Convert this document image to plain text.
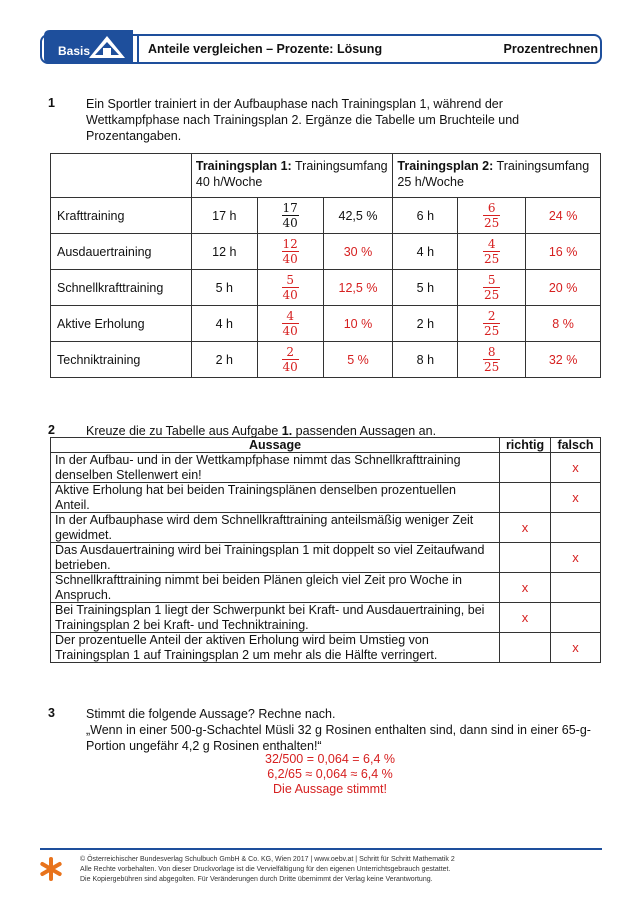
Basis	Anteile vergleichen – Prozente: Lösung	Prozentrechnen
1 Ein Sportler trainiert in der Aufbauphase nach Trainingsplan 1, während der
Wettkampfphase nach Trainingsplan 2. Ergänze die Tabelle um Bruchteile und
Prozentangaben.
	Trainingsplan 1: Trainingsumfang
40 h/Woche			Trainingsplan 2: Trainingsumfang
25 h/Woche		
Krafttraining	17 h	$\frac{17}{40}$	42,5 %	6 h	$\frac{6}{25}$	24 %
Ausdauertraining	12 h	$\frac{12}{40}$	30 %	4 h	$\frac{4}{25}$	16 %
Schnellkrafttraining	5 h	$\frac{5}{40}$	12,5 %	5 h	$\frac{5}{25}$	20 %
Aktive Erholung	4 h	$\frac{4}{40}$	10 %	2 h	$\frac{2}{25}$	8 %
Techniktraining	2 h	$\frac{2}{40}$	5 %	8 h	$\frac{8}{25}$	32 %
2 Kreuze die zu Tabelle aus Aufgabe 1. passenden Aussagen an.
Aussage	richtig	falsch

In der Aufbau- und in der Wettkampfphase nimmt das Schnellkrafttraining
denselben Stellenwert ein!		x

Aktive Erholung hat bei beiden Trainingsplänen denselben prozentuellen
Anteil.		x

In der Aufbauphase wird dem Schnellkrafttraining anteilsmäßig weniger Zeit
gewidmet.	x	

Das Ausdauertraining wird bei Trainingsplan 1 mit doppelt so viel Zeitaufwand
betrieben.		x

Schnellkrafttraining nimmt bei beiden Plänen gleich viel Zeit pro Woche in
Anspruch.	x	

Bei Trainingsplan 1 liegt der Schwerpunkt bei Kraft- und Ausdauertraining, bei
Trainingsplan 2 bei Kraft- und Techniktraining.	x	

Der prozentuelle Anteil der aktiven Erholung wird beim Umstieg von
Trainingsplan 1 auf Trainingsplan 2 um mehr als die Hälfte verringert.		x
3 Stimmt die folgende Aussage? Rechne nach.
„Wenn in einer 500-g-Schachtel Müsli 32 g Rosinen enthalten sind, dann sind in einer 65-g-
Portion ungefähr 4,2 g Rosinen enthalten!“
32/500 = 0,064 = 6,4 %
6,2/65 ≈ 0,064 ≈ 6,4 %
Die Aussage stimmt!
© Österreichischer Bundesverlag Schulbuch GmbH & Co. KG, Wien 2017 | www.oebv.at | Schritt für Schritt Mathematik 2
Alle Rechte vorbehalten. Von dieser Druckvorlage ist die Vervielfältigung für den eigenen Unterrichtsgebrauch gestattet.
Die Kopiergebühren sind abgegolten. Für Veränderungen durch Dritte übernimmt der Verlag keine Verantwortung.
